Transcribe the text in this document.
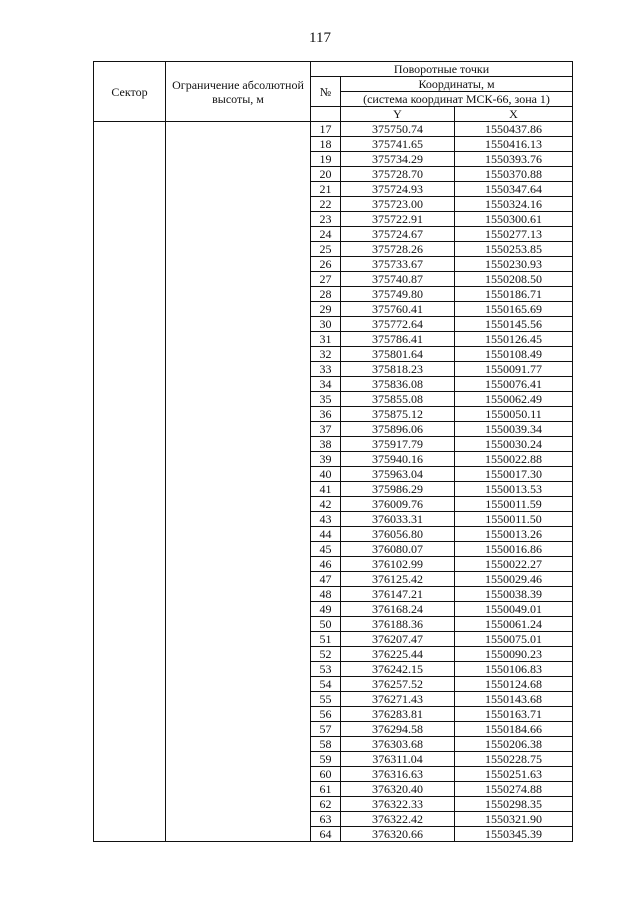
117
Сектор	Ограничение абсолютной высоты, м	Поворотные точки		
		№	Координаты, м	
			(система координат МСК-66, зона 1)	
			Y	X
		17	375750.74	1550437.86
		18	375741.65	1550416.13
		19	375734.29	1550393.76
		20	375728.70	1550370.88
		21	375724.93	1550347.64
		22	375723.00	1550324.16
		23	375722.91	1550300.61
		24	375724.67	1550277.13
		25	375728.26	1550253.85
		26	375733.67	1550230.93
		27	375740.87	1550208.50
		28	375749.80	1550186.71
		29	375760.41	1550165.69
		30	375772.64	1550145.56
		31	375786.41	1550126.45
		32	375801.64	1550108.49
		33	375818.23	1550091.77
		34	375836.08	1550076.41
		35	375855.08	1550062.49
		36	375875.12	1550050.11
		37	375896.06	1550039.34
		38	375917.79	1550030.24
		39	375940.16	1550022.88
		40	375963.04	1550017.30
		41	375986.29	1550013.53
		42	376009.76	1550011.59
		43	376033.31	1550011.50
		44	376056.80	1550013.26
		45	376080.07	1550016.86
		46	376102.99	1550022.27
		47	376125.42	1550029.46
		48	376147.21	1550038.39
		49	376168.24	1550049.01
		50	376188.36	1550061.24
		51	376207.47	1550075.01
		52	376225.44	1550090.23
		53	376242.15	1550106.83
		54	376257.52	1550124.68
		55	376271.43	1550143.68
		56	376283.81	1550163.71
		57	376294.58	1550184.66
		58	376303.68	1550206.38
		59	376311.04	1550228.75
		60	376316.63	1550251.63
		61	376320.40	1550274.88
		62	376322.33	1550298.35
		63	376322.42	1550321.90
		64	376320.66	1550345.39
